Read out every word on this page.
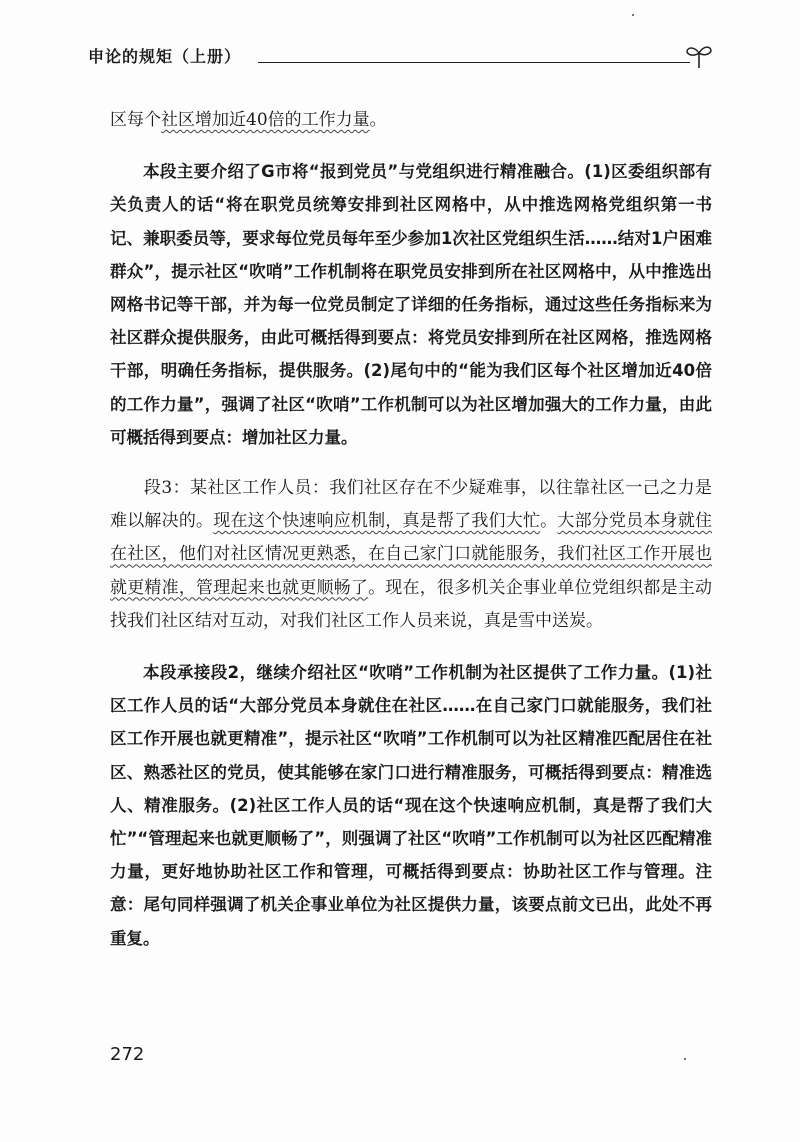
申论的规矩（上册）

区每个社区增加近40倍的工作力量。

本段主要介绍了G市将“报到党员”与党组织进行精准融合。(1)区委组织部有关负责人的话“将在职党员统筹安排到社区网格中，从中推选网格党组织第一书记、兼职委员等，要求每位党员每年至少参加1次社区党组织生活……结对1户困难群众”，提示社区“吹哨”工作机制将在职党员安排到所在社区网格中，从中推选出网格书记等干部，并为每一位党员制定了详细的任务指标，通过这些任务指标来为社区群众提供服务，由此可概括得到要点：将党员安排到所在社区网格，推选网格干部，明确任务指标，提供服务。(2)尾句中的“能为我们区每个社区增加近40倍的工作力量”，强调了社区“吹哨”工作机制可以为社区增加强大的工作力量，由此可概括得到要点：增加社区力量。

段3：某社区工作人员：我们社区存在不少疑难事，以往靠社区一己之力是难以解决的。现在这个快速响应机制，真是帮了我们大忙。大部分党员本身就住在社区，他们对社区情况更熟悉，在自己家门口就能服务，我们社区工作开展也就更精准，管理起来也就更顺畅了。现在，很多机关企事业单位党组织都是主动找我们社区结对互动，对我们社区工作人员来说，真是雪中送炭。

本段承接段2，继续介绍社区“吹哨”工作机制为社区提供了工作力量。(1)社区工作人员的话“大部分党员本身就住在社区……在自己家门口就能服务，我们社区工作开展也就更精准”，提示社区“吹哨”工作机制可以为社区精准匹配居住在社区、熟悉社区的党员，使其能够在家门口进行精准服务，可概括得到要点：精准选人、精准服务。(2)社区工作人员的话“现在这个快速响应机制，真是帮了我们大忙”“管理起来也就更顺畅了”，则强调了社区“吹哨”工作机制可以为社区匹配精准力量，更好地协助社区工作和管理，可概括得到要点：协助社区工作与管理。注意：尾句同样强调了机关企事业单位为社区提供力量，该要点前文已出，此处不再重复。

272
